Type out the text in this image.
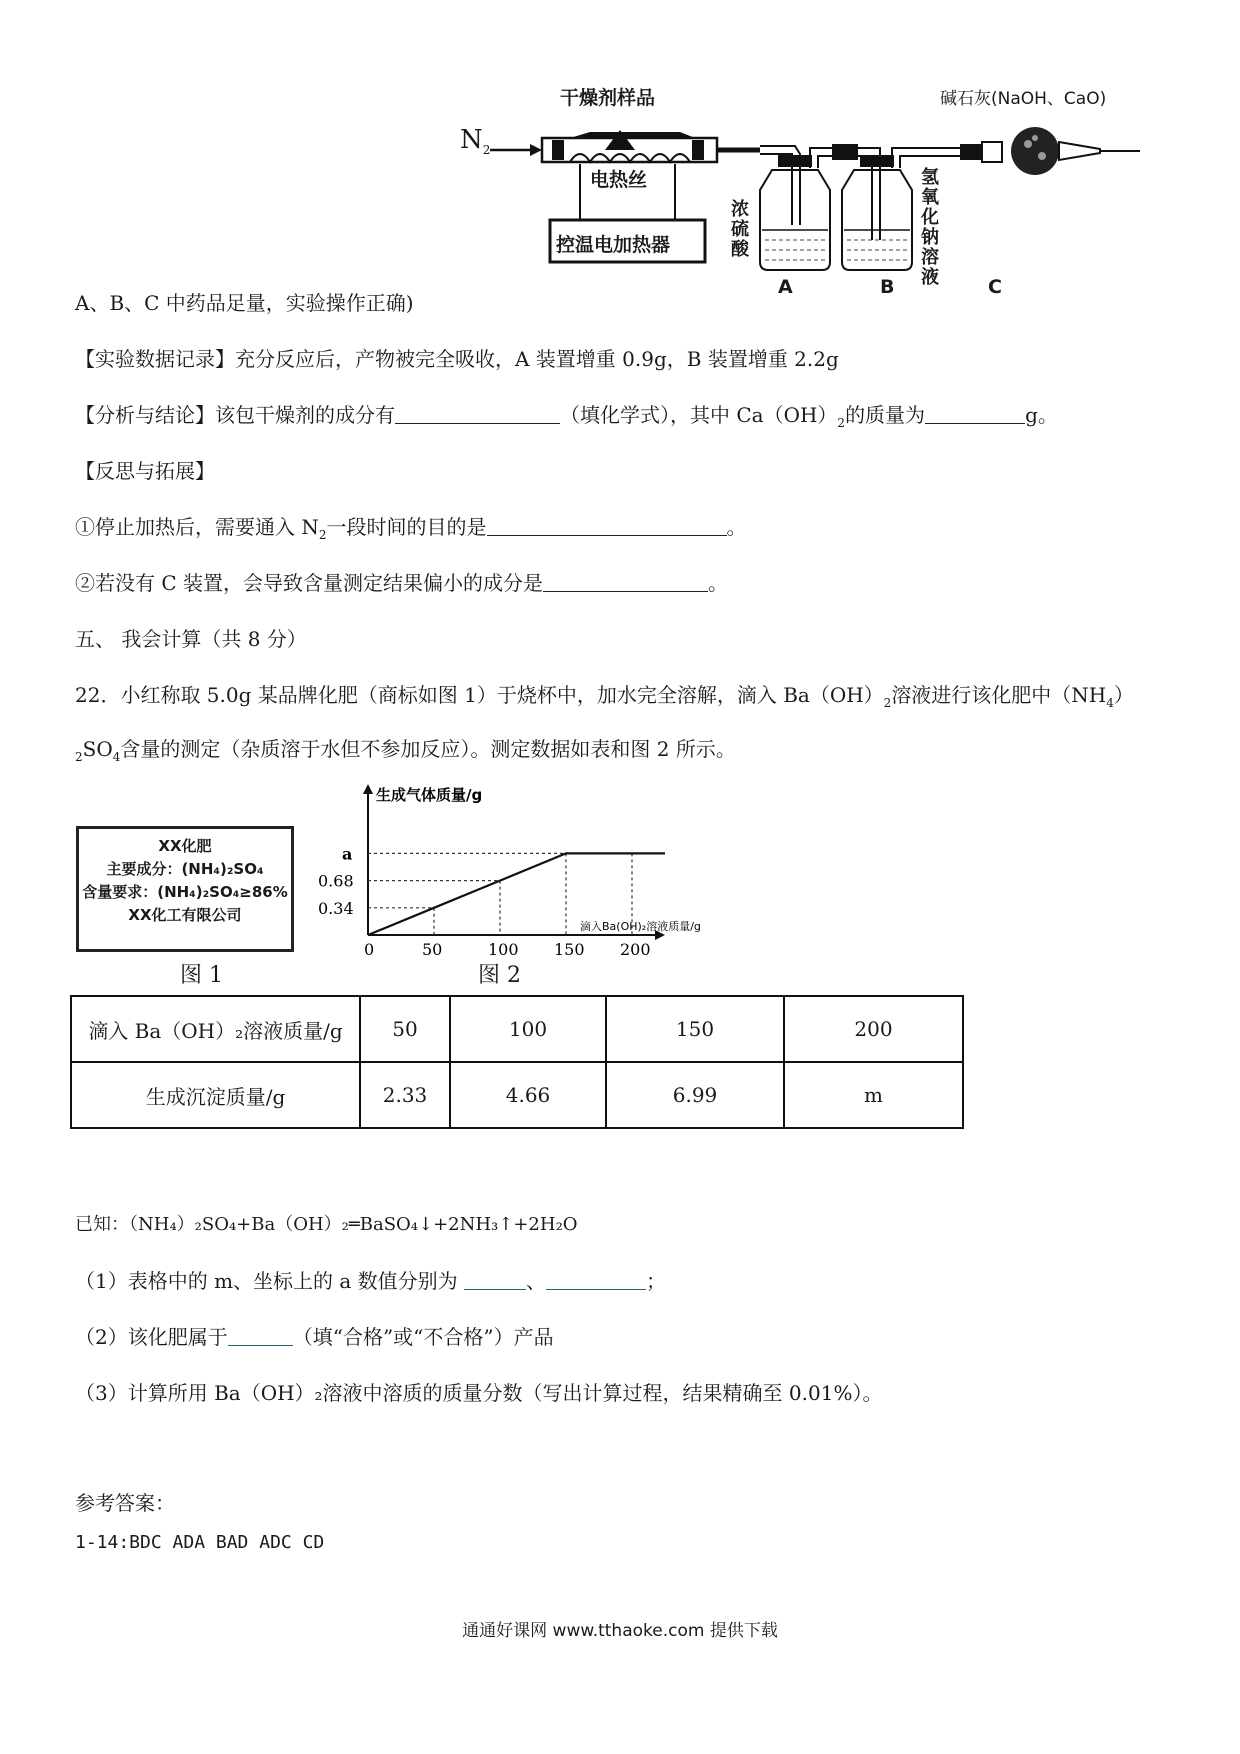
$N_2$
干燥剂样品
电热丝
控温电加热器
碱石灰(NaOH、CaO)
浓
硫
酸
氢
氧
化
钠
溶
液
A	B	C
A、B、C 中药品足量，实验操作正确)
【实验数据记录】充分反应后，产物被完全吸收，A 装置增重 0.9g，B 装置增重 2.2g
【分析与结论】该包干燥剂的成分有	（填化学式），其中 $Ca(OH)_2$的质量为	g。
【反思与拓展】
①停止加热后，需要通入 $N_2$一段时间的目的是	。
②若没有 C 装置，会导致含量测定结果偏小的成分是	。
五、 我会计算（共 8 分）
22．小红称取 5.0g 某品牌化肥（商标如图 1）于烧杯中，加水完全溶解，滴入 $Ba(OH)_2$溶液进行该化肥中$(NH_4)$
$_2SO_4$含量的测定（杂质溶于水但不参加反应）。测定数据如表和图 2 所示。
XX化肥
主要成分：(NH₄)₂SO₄
含量要求：(NH₄)₂SO₄≥86%
XX化工有限公司
图 1
生成气体质量/g
滴入Ba(OH)₂溶液质量/g
0	50	100 150 200
0.34
0.68
a
图 2
滴入 Ba（OH）₂溶液质量/g	50	100	150	200
生成沉淀质量/g	2.33	4.66	6.99	m
已知：（NH₄）₂SO₄+Ba（OH）₂═BaSO₄↓+2NH₃↑+2H₂O
（1）表格中的 m、坐标上的 a 数值分别为	、	；
（2）该化肥属于	（填“合格”或“不合格”）产品
（3）计算所用 Ba（OH）₂溶液中溶质的质量分数（写出计算过程，结果精确至 0.01%）。
参考答案：
1-14:BDC ADA BAD ADC CD
通通好课网 www.tthaoke.com 提供下载
